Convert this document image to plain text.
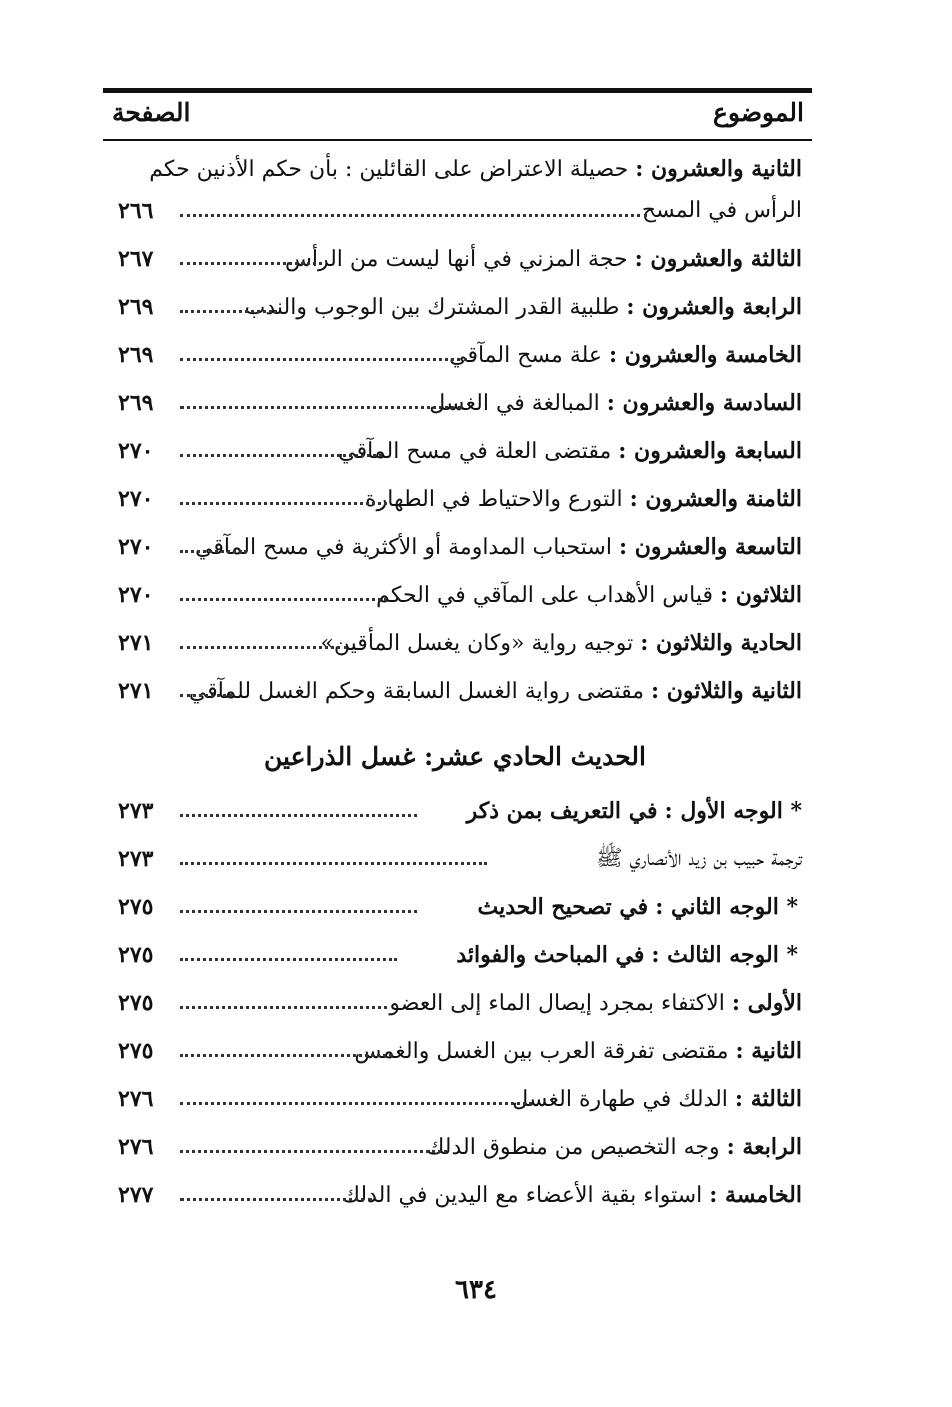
الموضوع
الصفحة
الثانية والعشرون : حصيلة الاعتراض على القائلين : بأن حكم الأذنين حكم
الرأس في المسح
٢٦٦
الثالثة والعشرون : حجة المزني في أنها ليست من الرأس
٢٦٧
الرابعة والعشرون : طلبية القدر المشترك بين الوجوب والندب
٢٦٩
الخامسة والعشرون : علة مسح المآقي
٢٦٩
السادسة والعشرون : المبالغة في الغسل
٢٦٩
السابعة والعشرون : مقتضى العلة في مسح المآقي
٢٧٠
الثامنة والعشرون : التورع والاحتياط في الطهارة
٢٧٠
التاسعة والعشرون : استحباب المداومة أو الأكثرية في مسح المآقي
٢٧٠
الثلاثون : قياس الأهداب على المآقي في الحكم
٢٧٠
الحادية والثلاثون : توجيه رواية «وكان يغسل المأقين»
٢٧١
الثانية والثلاثون : مقتضى رواية الغسل السابقة وحكم الغسل للمآقي
٢٧١
الحديث الحادي عشر: غسل الذراعين
* الوجه الأول : في التعريف بمن ذكر
٢٧٣
ترجمة حبيب بن زيد الأنصاري ﷺ
٢٧٣
* الوجه الثاني : في تصحيح الحديث
٢٧٥
* الوجه الثالث : في المباحث والفوائد
٢٧٥
الأولى : الاكتفاء بمجرد إيصال الماء إلى العضو
٢٧٥
الثانية : مقتضى تفرقة العرب بين الغسل والغمس
٢٧٥
الثالثة : الدلك في طهارة الغسل
٢٧٦
الرابعة : وجه التخصيص من منطوق الدلك
٢٧٦
الخامسة : استواء بقية الأعضاء مع اليدين في الدلك
٢٧٧
٦٣٤
